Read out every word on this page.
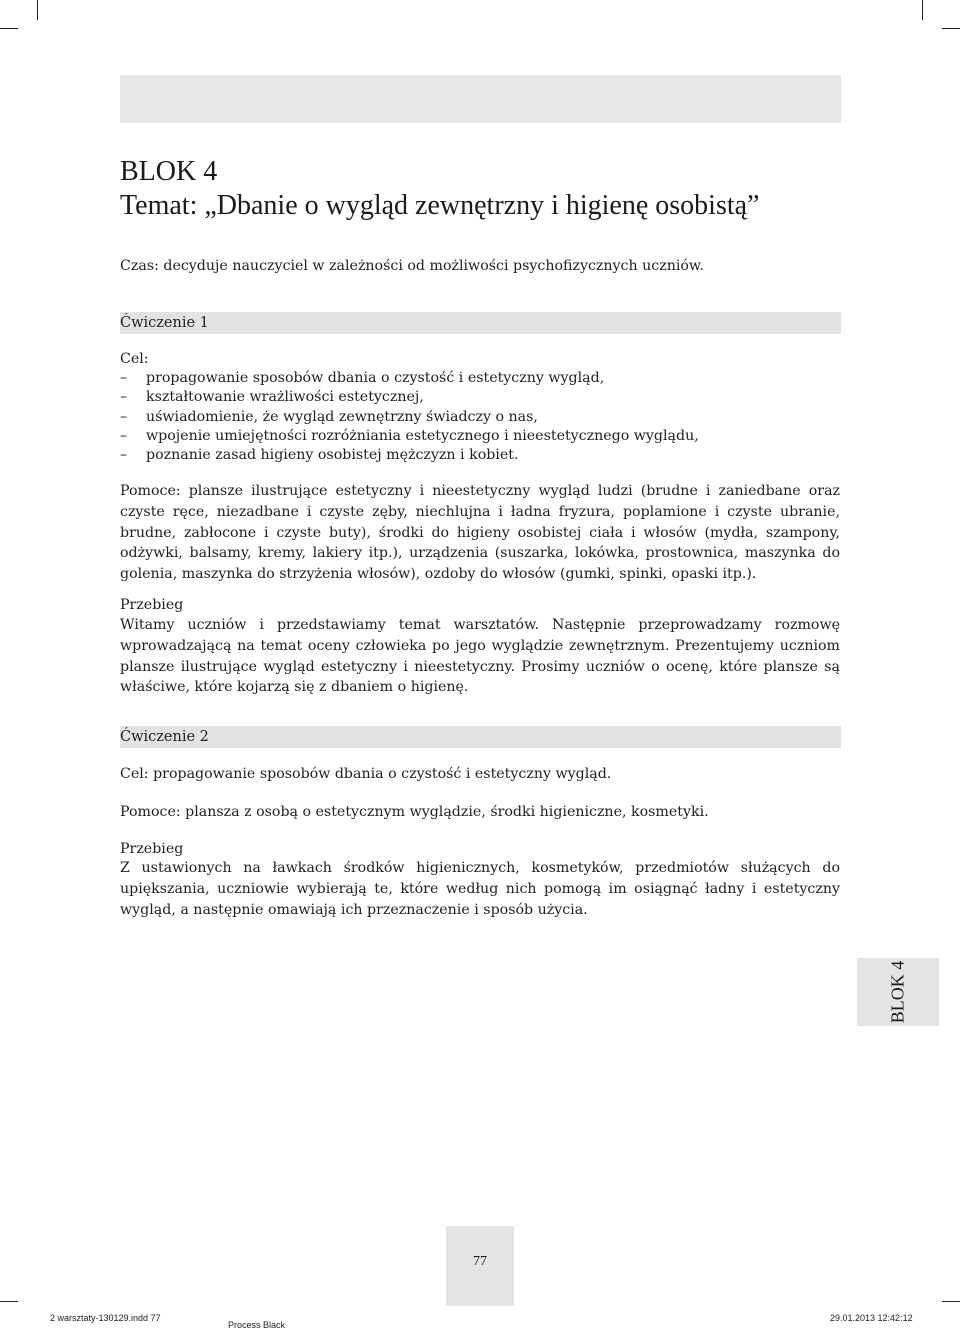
BLOK 4
Temat: „Dbanie o wygląd zewnętrzny i higienę osobistą”
Czas: decyduje nauczyciel w zależności od możliwości psychofizycznych uczniów.
Ćwiczenie 1
Cel:
– propagowanie sposobów dbania o czystość i estetyczny wygląd,
– kształtowanie wrażliwości estetycznej,
– uświadomienie, że wygląd zewnętrzny świadczy o nas,
– wpojenie umiejętności rozróżniania estetycznego i nieestetycznego wyglądu,
– poznanie zasad higieny osobistej mężczyzn i kobiet.
Pomoce: plansze ilustrujące estetyczny i nieestetyczny wygląd ludzi (brudne i zaniedbane oraz czyste ręce, niezadbane i czyste zęby, niechlujna i ładna fryzura, poplamione i czyste ubranie, brudne, zabłocone i czyste buty), środki do higieny osobistej ciała i włosów (mydła, szampony, odżywki, balsamy, kremy, lakiery itp.), urządzenia (suszarka, lokówka, prostownica, maszynka do golenia, maszynka do strzyżenia włosów), ozdoby do włosów (gumki, spinki, opaski itp.).
Przebieg
Witamy uczniów i przedstawiamy temat warsztatów. Następnie przeprowadzamy rozmowę wprowadzającą na temat oceny człowieka po jego wyglądzie zewnętrznym. Prezentujemy uczniom plansze ilustrujące wygląd estetyczny i nieestetyczny. Prosimy uczniów o ocenę, które plansze są właściwe, które kojarzą się z dbaniem o higienę.
Ćwiczenie 2
Cel: propagowanie sposobów dbania o czystość i estetyczny wygląd.
Pomoce: plansza z osobą o estetycznym wyglądzie, środki higieniczne, kosmetyki.
Przebieg
Z ustawionych na ławkach środków higienicznych, kosmetyków, przedmiotów służących do upiększania, uczniowie wybierają te, które według nich pomogą im osiągnąć ładny i estetyczny wygląd, a następnie omawiają ich przeznaczenie i sposób użycia.
BLOK 4
77
2 warsztaty-130129.indd 77
Process Black
29.01.2013 12:42:12
